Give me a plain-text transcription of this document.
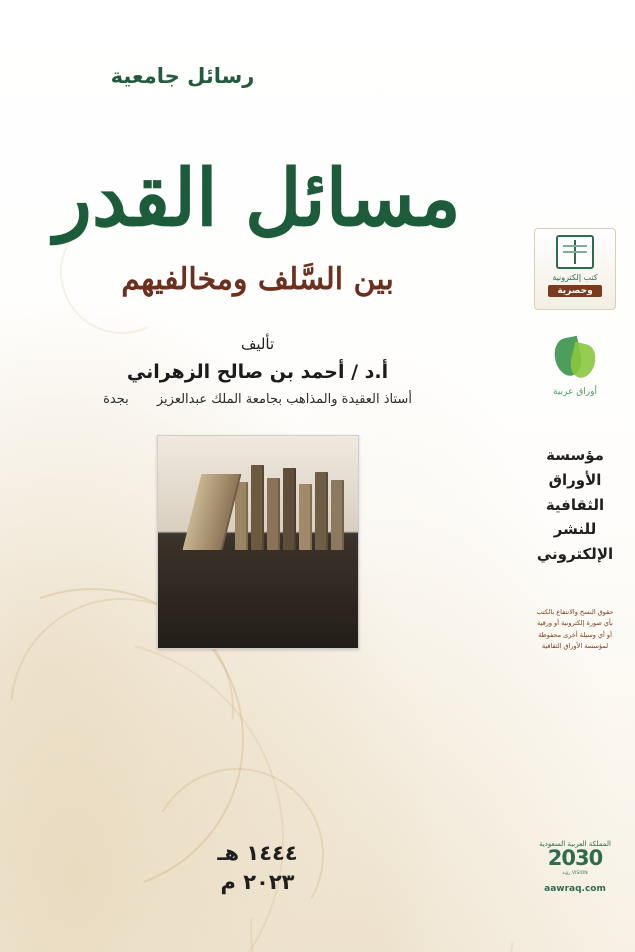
رسائل جامعية
مسائل القدر
بين السَّلف ومخالفيهم
تأليف
أ.د / أحمد بن صالح الزهراني
أستاذ العقيدة والمذاهب بجامعة الملك عبدالعزيز بجدة
١٤٤٤ هـ
٢٠٢٣ م
كتب إلكترونية
وحصرية
أوراق عربية
مؤسسة
الأوراق
الثقافية
للنشر
الإلكتروني
حقوق النسخ والانتفاع بالكتب
بأي صورة إلكترونية أو ورقية
أو أي وسيلة أخرى محفوظة
لمؤسسة الأوراق الثقافية
المملكة العربية السعودية
2030
VISION رؤية
aawraq.com
